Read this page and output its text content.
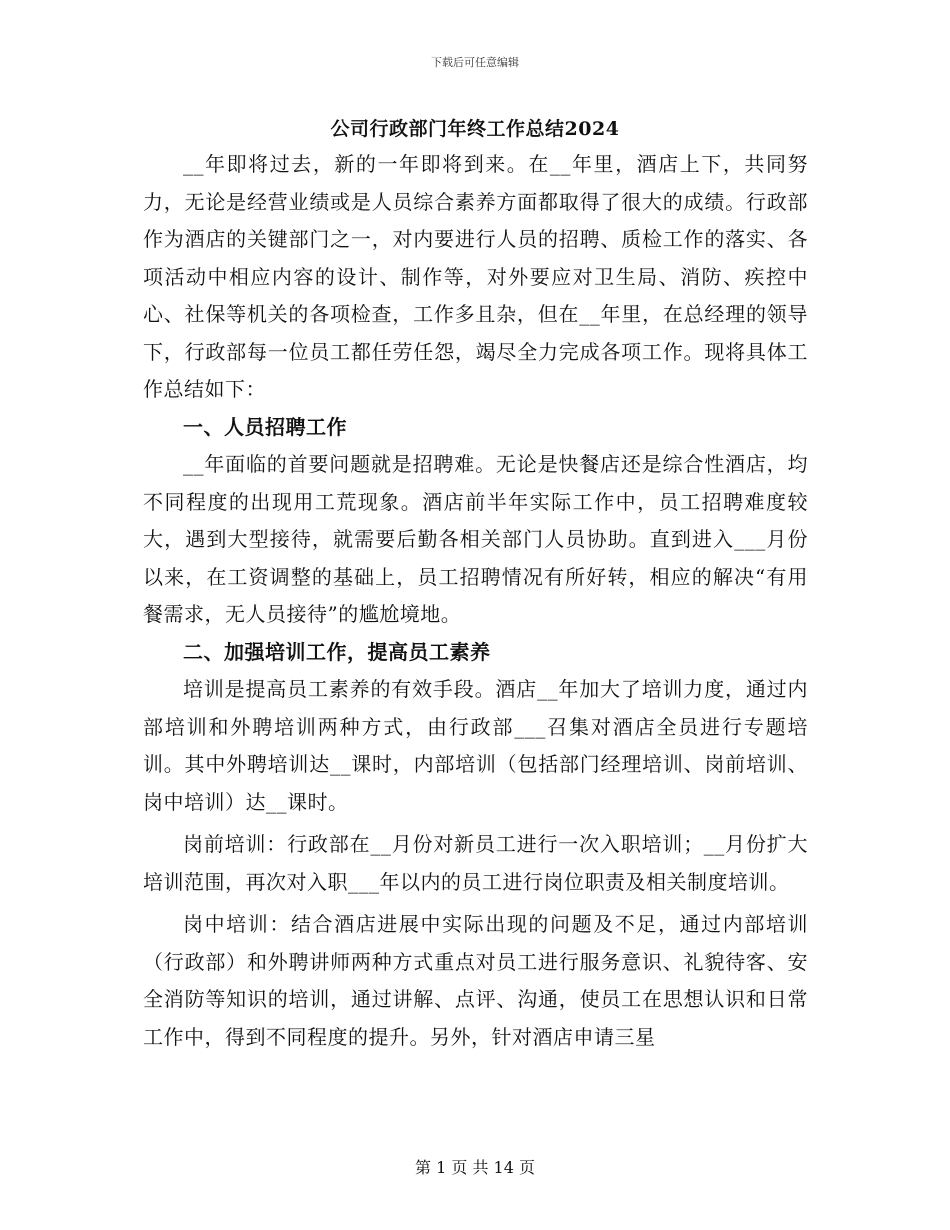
下载后可任意编辑
公司行政部门年终工作总结2024

__年即将过去，新的一年即将到来。在__年里，酒店上下，共同努力，无论是经营业绩或是人员综合素养方面都取得了很大的成绩。行政部作为酒店的关键部门之一，对内要进行人员的招聘、质检工作的落实、各项活动中相应内容的设计、制作等，对外要应对卫生局、消防、疾控中心、社保等机关的各项检查，工作多且杂，但在__年里，在总经理的领导下，行政部每一位员工都任劳任怨，竭尽全力完成各项工作。现将具体工作总结如下：

一、人员招聘工作

__年面临的首要问题就是招聘难。无论是快餐店还是综合性酒店，均不同程度的出现用工荒现象。酒店前半年实际工作中，员工招聘难度较大，遇到大型接待，就需要后勤各相关部门人员协助。直到进入___月份以来，在工资调整的基础上，员工招聘情况有所好转，相应的解决“有用餐需求，无人员接待”的尴尬境地。

二、加强培训工作，提高员工素养

培训是提高员工素养的有效手段。酒店__年加大了培训力度，通过内部培训和外聘培训两种方式，由行政部___召集对酒店全员进行专题培训。其中外聘培训达__课时，内部培训（包括部门经理培训、岗前培训、岗中培训）达__课时。

岗前培训：行政部在__月份对新员工进行一次入职培训；__月份扩大培训范围，再次对入职___年以内的员工进行岗位职责及相关制度培训。

岗中培训：结合酒店进展中实际出现的问题及不足，通过内部培训（行政部）和外聘讲师两种方式重点对员工进行服务意识、礼貌待客、安全消防等知识的培训，通过讲解、点评、沟通，使员工在思想认识和日常工作中，得到不同程度的提升。另外，针对酒店申请三星

第 1 页 共 14 页
